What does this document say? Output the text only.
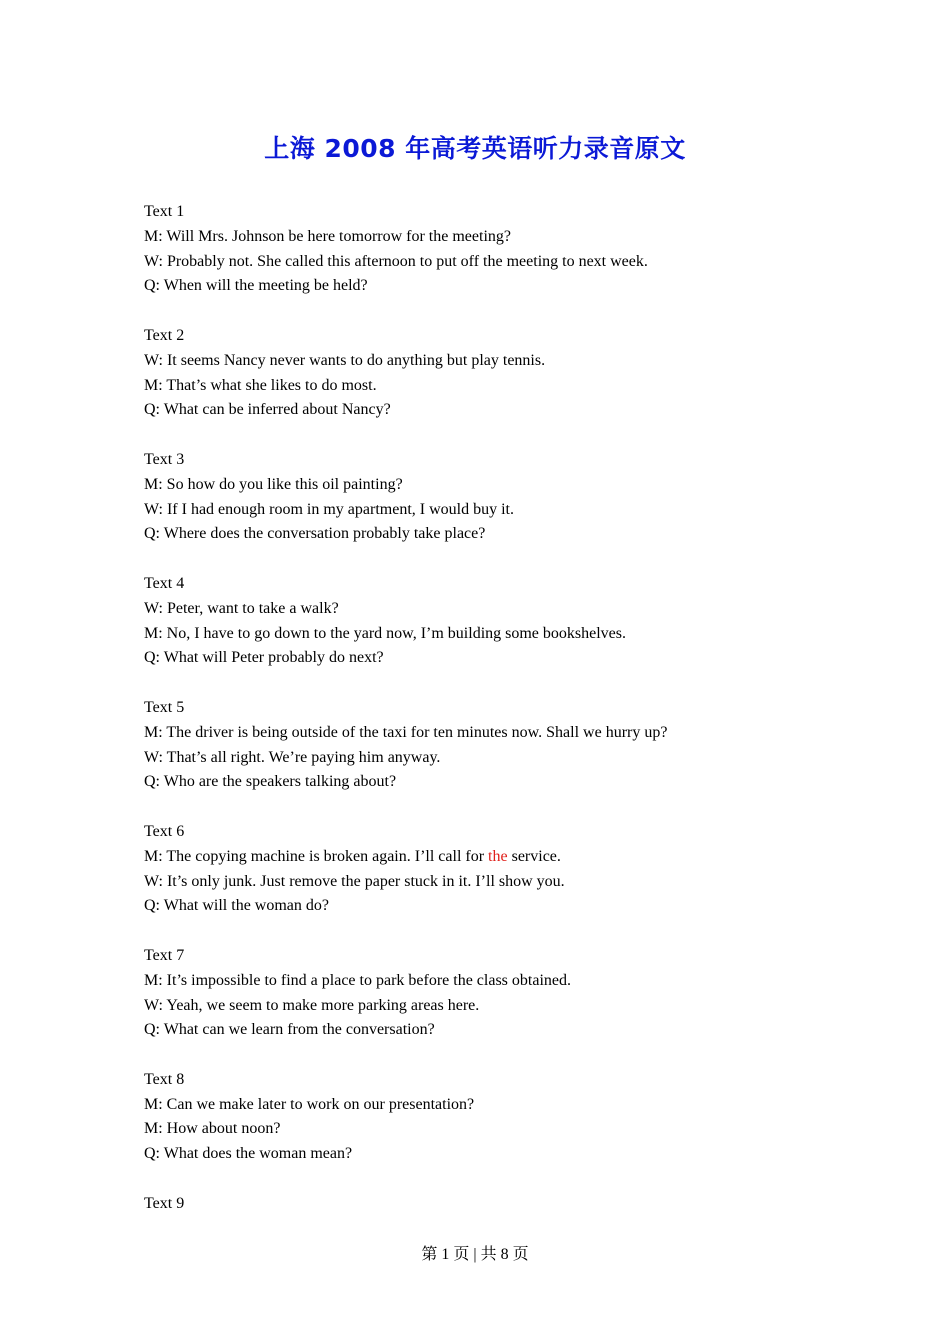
上海 2008 年高考英语听力录音原文
Text 1
M: Will Mrs. Johnson be here tomorrow for the meeting?
W: Probably not. She called this afternoon to put off the meeting to next week.
Q: When will the meeting be held?
Text 2
W: It seems Nancy never wants to do anything but play tennis.
M: That’s what she likes to do most.
Q: What can be inferred about Nancy?
Text 3
M: So how do you like this oil painting?
W: If I had enough room in my apartment, I would buy it.
Q: Where does the conversation probably take place?
Text 4
W: Peter, want to take a walk?
M: No, I have to go down to the yard now, I’m building some bookshelves.
Q: What will Peter probably do next?
Text 5
M: The driver is being outside of the taxi for ten minutes now. Shall we hurry up?
W: That’s all right. We’re paying him anyway.
Q: Who are the speakers talking about?
Text 6
M: The copying machine is broken again. I’ll call for the service.
W: It’s only junk. Just remove the paper stuck in it. I’ll show you.
Q: What will the woman do?
Text 7
M: It’s impossible to find a place to park before the class obtained.
W: Yeah, we seem to make more parking areas here.
Q: What can we learn from the conversation?
Text 8
M: Can we make later to work on our presentation?
M: How about noon?
Q: What does the woman mean?
Text 9
第 1 页 | 共 8 页
